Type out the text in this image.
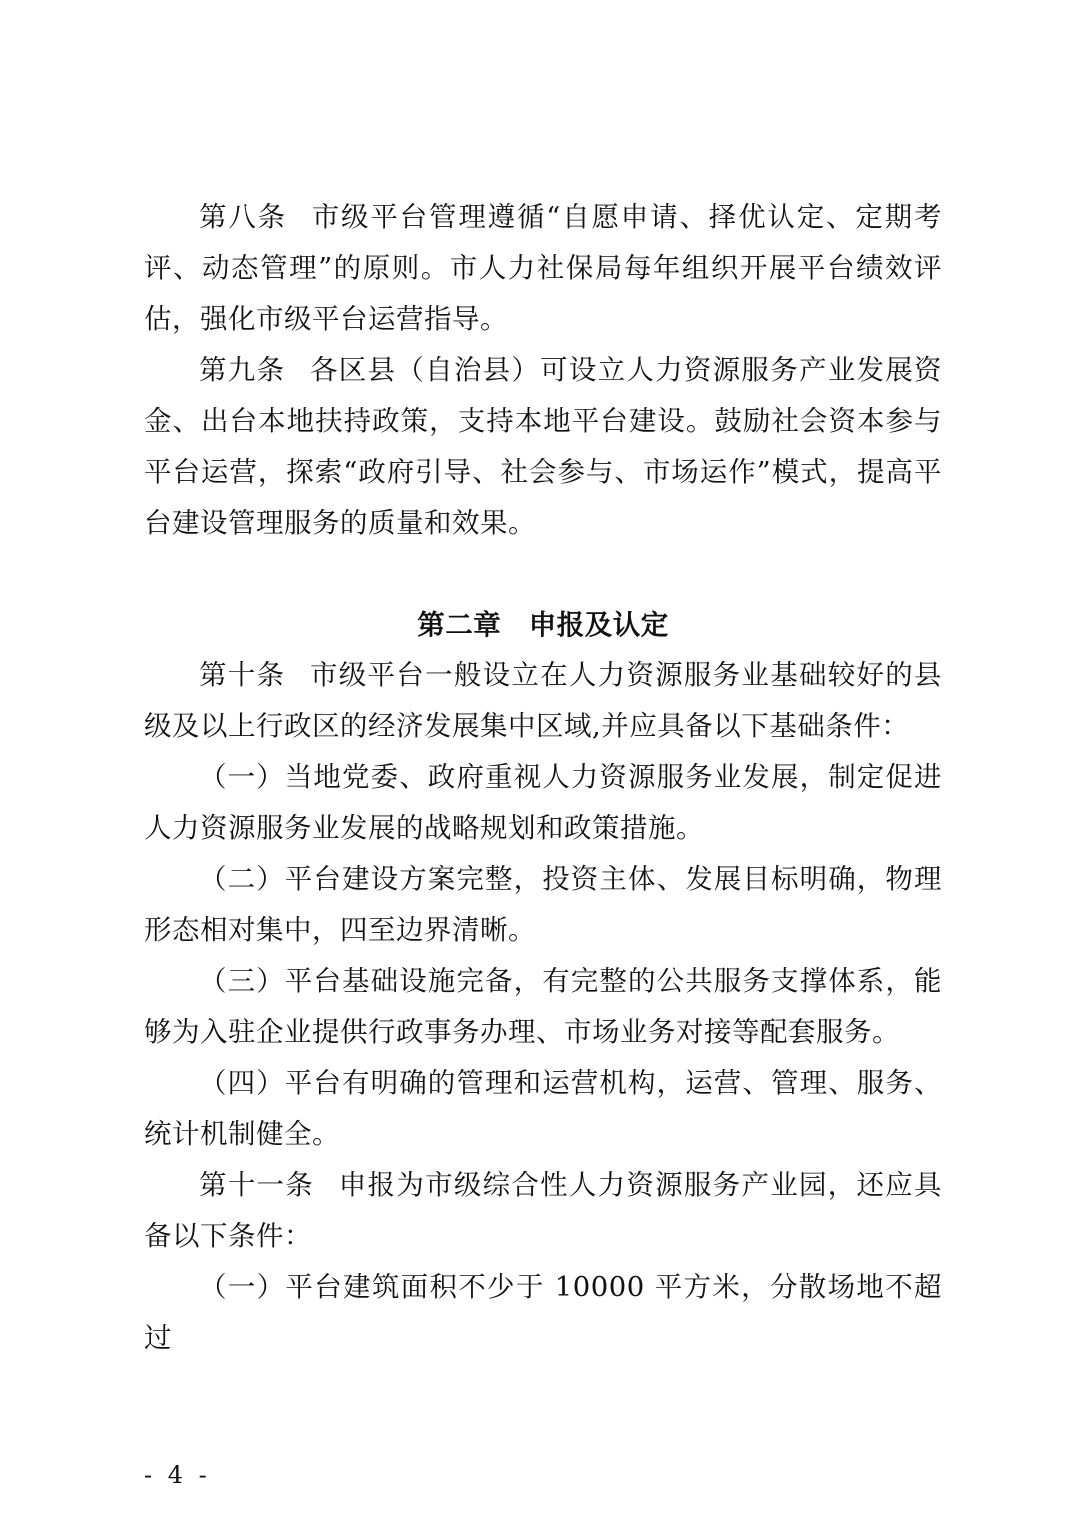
第八条 市级平台管理遵循“自愿申请、择优认定、定期考评、动态管理”的原则。市人力社保局每年组织开展平台绩效评估，强化市级平台运营指导。

第九条 各区县（自治县）可设立人力资源服务产业发展资金、出台本地扶持政策，支持本地平台建设。鼓励社会资本参与平台运营，探索“政府引导、社会参与、市场运作”模式，提高平台建设管理服务的质量和效果。

第二章 申报及认定

第十条 市级平台一般设立在人力资源服务业基础较好的县级及以上行政区的经济发展集中区域,并应具备以下基础条件：

（一）当地党委、政府重视人力资源服务业发展，制定促进人力资源服务业发展的战略规划和政策措施。

（二）平台建设方案完整，投资主体、发展目标明确，物理形态相对集中，四至边界清晰。

（三）平台基础设施完备，有完整的公共服务支撑体系，能够为入驻企业提供行政事务办理、市场业务对接等配套服务。

（四）平台有明确的管理和运营机构，运营、管理、服务、统计机制健全。

第十一条 申报为市级综合性人力资源服务产业园，还应具备以下条件：

（一）平台建筑面积不少于 10000 平方米，分散场地不超过

- 4 -
